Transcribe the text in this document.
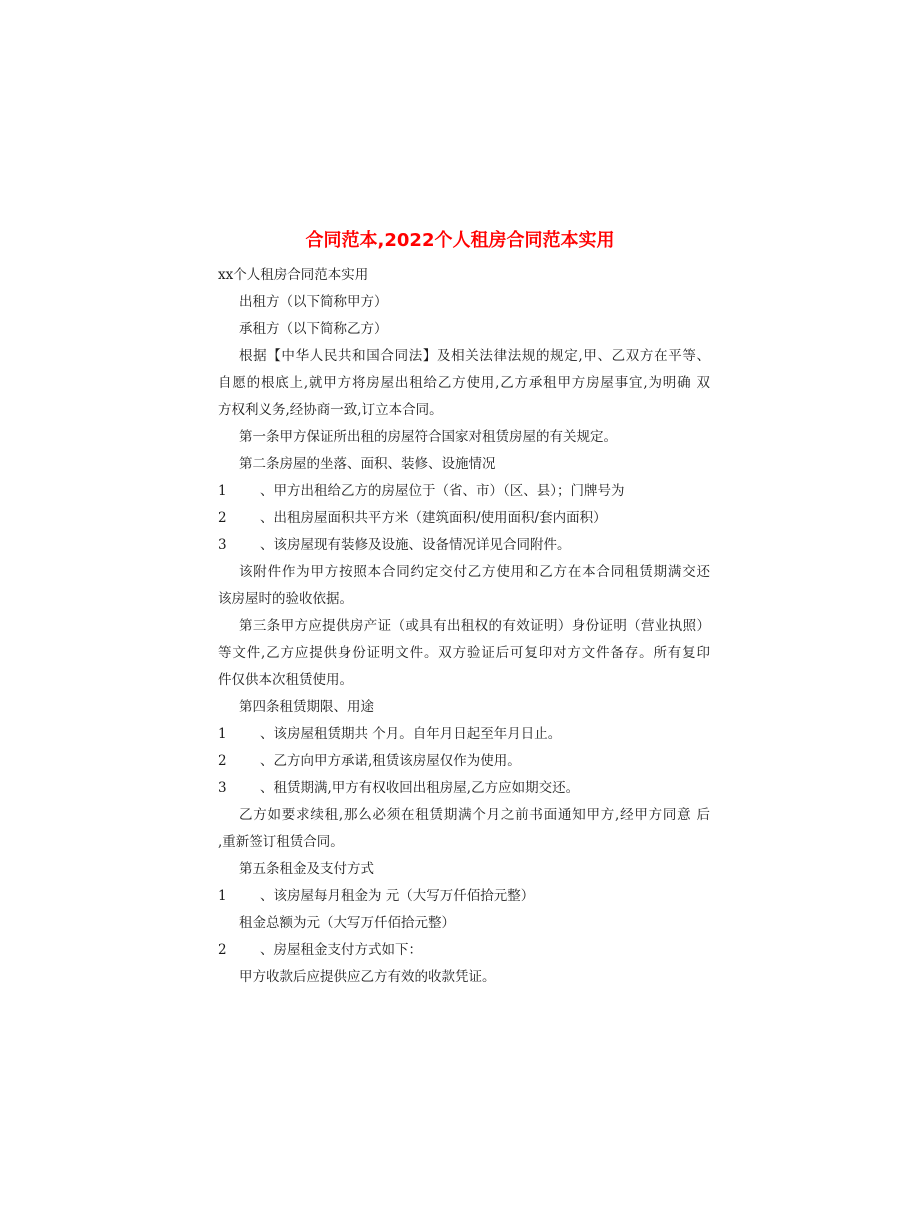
合同范本,2022个人租房合同范本实用
xx个人租房合同范本实用
出租方（以下简称甲方）
承租方（以下简称乙方）
根据【中华人民共和国合同法】及相关法律法规的规定,甲、乙双方在平等、
自愿的根底上,就甲方将房屋出租给乙方使用,乙方承租甲方房屋事宜,为明确 双
方权利义务,经协商一致,订立本合同。
第一条甲方保证所出租的房屋符合国家对租赁房屋的有关规定。
第二条房屋的坐落、面积、装修、设施情况
1	、甲方出租给乙方的房屋位于（省、市）（区、县）；门牌号为
2	、出租房屋面积共平方米（建筑面积/使用面积/套内面积）
3	、该房屋现有装修及设施、设备情况详见合同附件。
该附件作为甲方按照本合同约定交付乙方使用和乙方在本合同租赁期满交还
该房屋时的验收依据。
第三条甲方应提供房产证（或具有出租权的有效证明）身份证明（营业执照）
等文件,乙方应提供身份证明文件。双方验证后可复印对方文件备存。所有复印
件仅供本次租赁使用。
第四条租赁期限、用途
1	、该房屋租赁期共 个月。自年月日起至年月日止。
2	、乙方向甲方承诺,租赁该房屋仅作为使用。
3	、租赁期满,甲方有权收回出租房屋,乙方应如期交还。
乙方如要求续租,那么必须在租赁期满个月之前书面通知甲方,经甲方同意 后
,重新签订租赁合同。
第五条租金及支付方式
1	、该房屋每月租金为 元（大写万仟佰拾元整）
租金总额为元（大写万仟佰拾元整）
2	、房屋租金支付方式如下：
甲方收款后应提供应乙方有效的收款凭证。
